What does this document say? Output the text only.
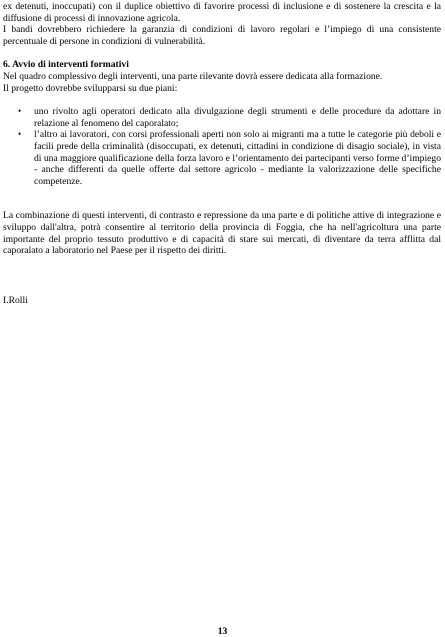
ex detenuti, inoccupati) con il duplice obiettivo di favorire processi di inclusione e di sostenere la crescita e la diffusione di processi di innovazione agricola.

I bandi dovrebbero richiedere la garanzia di condizioni di lavoro regolari e l’impiego di una consistente percentuale di persone in condizioni di vulnerabilità.

6. Avvio di interventi formativi

Nel quadro complessivo degli interventi, una parte rilevante dovrà essere dedicata alla formazione.

Il progetto dovrebbe svilupparsi su due piani:

• uno rivolto agli operatori dedicato alla divulgazione degli strumenti e delle procedure da adottare in relazione al fenomeno del caporalato;
• l’altro ai lavoratori, con corsi professionali aperti non solo ai migranti ma a tutte le categorie più deboli e facili prede della criminalità (disoccupati, ex detenuti, cittadini in condizione di disagio sociale), in vista di una maggiore qualificazione della forza lavoro e l’orientamento dei partecipanti verso forme d’impiego - anche differenti da quelle offerte dal settore agricolo - mediante la valorizzazione delle specifiche competenze.

La combinazione di questi interventi, di contrasto e repressione da una parte e di politiche attive di integrazione e sviluppo dall'altra, potrà consentire al territorio della provincia di Foggia, che ha nell'agricoltura una parte importante del proprio tessuto produttivo e di capacità di stare sui mercati, di diventare da terra afflitta dal caporalato a laboratorio nel Paese per il rispetto dei diritti.

I.Rolli

13
